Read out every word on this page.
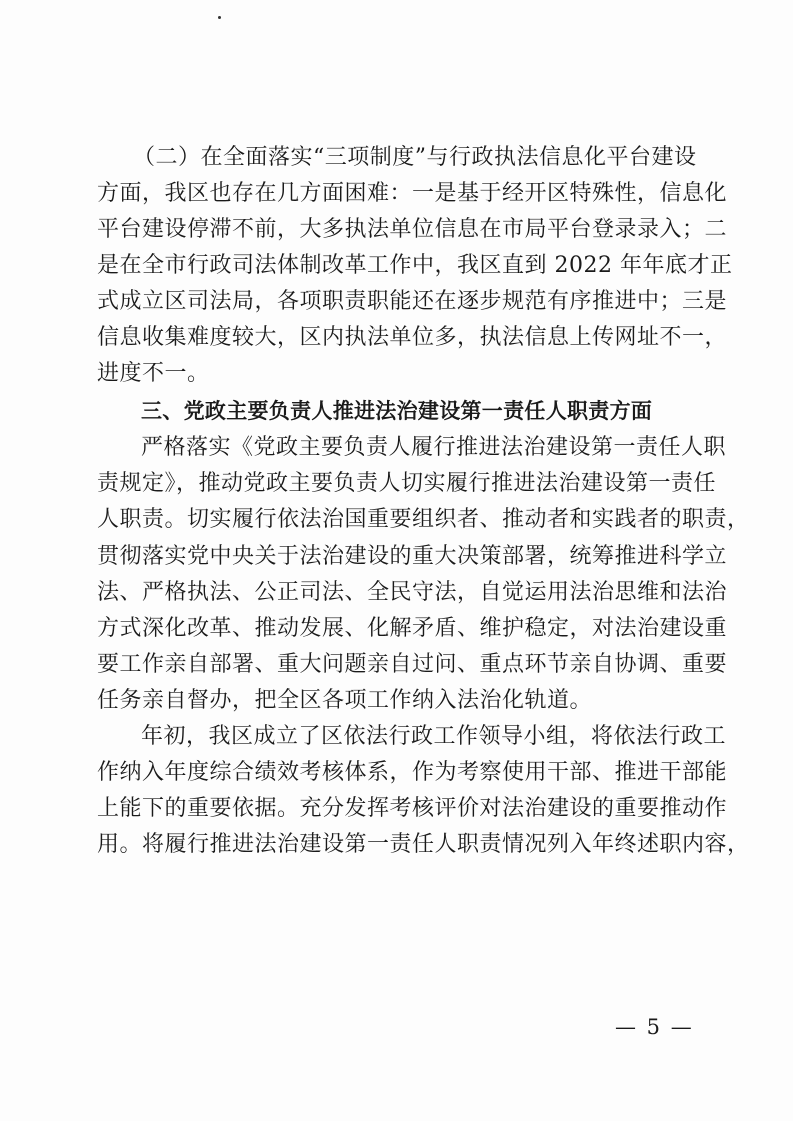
（二）在全面落实“三项制度”与行政执法信息化平台建设
方面，我区也存在几方面困难：一是基于经开区特殊性，信息化
平台建设停滞不前，大多执法单位信息在市局平台登录录入；二
是在全市行政司法体制改革工作中，我区直到 2022 年年底才正
式成立区司法局，各项职责职能还在逐步规范有序推进中；三是
信息收集难度较大，区内执法单位多，执法信息上传网址不一，
进度不一。
三、党政主要负责人推进法治建设第一责任人职责方面
严格落实《党政主要负责人履行推进法治建设第一责任人职
责规定》，推动党政主要负责人切实履行推进法治建设第一责任
人职责。切实履行依法治国重要组织者、推动者和实践者的职责，
贯彻落实党中央关于法治建设的重大决策部署，统筹推进科学立
法、严格执法、公正司法、全民守法，自觉运用法治思维和法治
方式深化改革、推动发展、化解矛盾、维护稳定，对法治建设重
要工作亲自部署、重大问题亲自过问、重点环节亲自协调、重要
任务亲自督办，把全区各项工作纳入法治化轨道。
年初，我区成立了区依法行政工作领导小组，将依法行政工
作纳入年度综合绩效考核体系，作为考察使用干部、推进干部能
上能下的重要依据。充分发挥考核评价对法治建设的重要推动作
用。将履行推进法治建设第一责任人职责情况列入年终述职内容，
— 5 —
